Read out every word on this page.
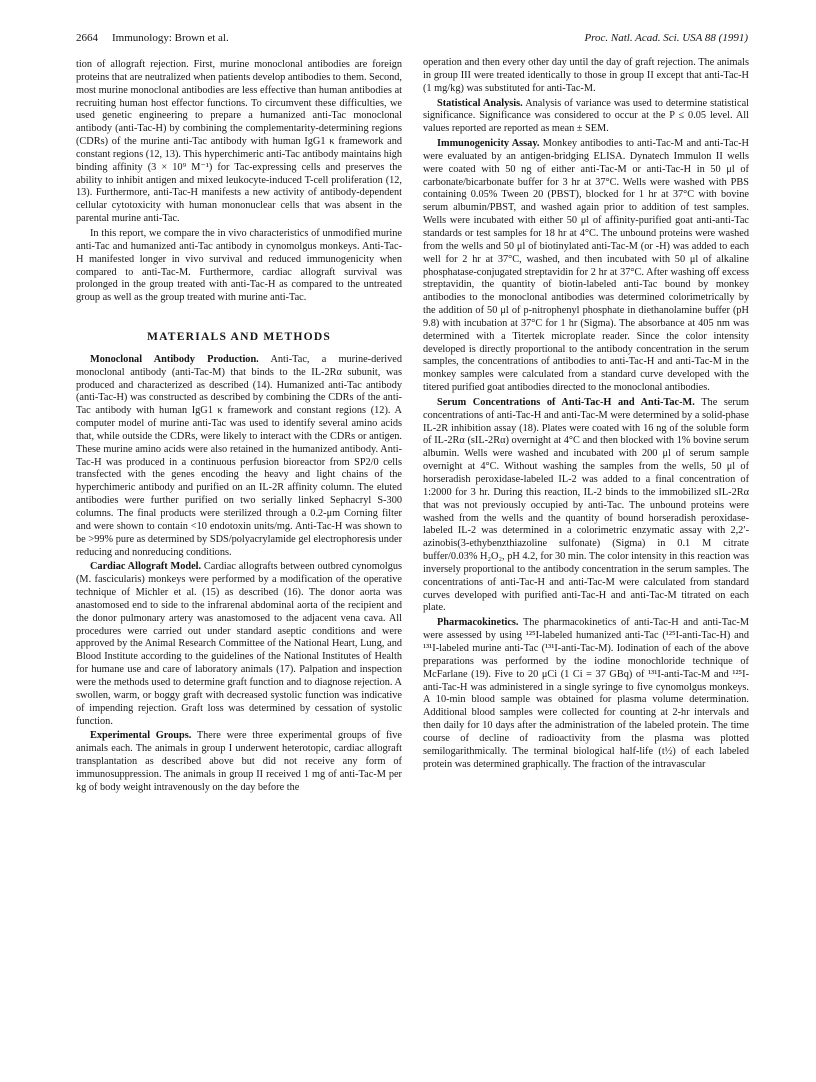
2664 Immunology: Brown et al.	Proc. Natl. Acad. Sci. USA 88 (1991)

tion of allograft rejection. First, murine monoclonal antibodies are foreign proteins that are neutralized when patients develop antibodies to them. Second, most murine monoclonal antibodies are less effective than human antibodies at recruiting human host effector functions. To circumvent these difficulties, we used genetic engineering to prepare a humanized anti-Tac monoclonal antibody (anti-Tac-H) by combining the complementarity-determining regions (CDRs) of the murine anti-Tac antibody with human IgG1 κ framework and constant regions (12, 13). This hyperchimeric anti-Tac antibody maintains high binding affinity (3 × 10⁹ M⁻¹) for Tac-expressing cells and preserves the ability to inhibit antigen and mixed leukocyte-induced T-cell proliferation (12, 13). Furthermore, anti-Tac-H manifests a new activity of antibody-dependent cellular cytotoxicity with human mononuclear cells that was absent in the parental murine anti-Tac.

In this report, we compare the in vivo characteristics of unmodified murine anti-Tac and humanized anti-Tac antibody in cynomolgus monkeys. Anti-Tac-H manifested longer in vivo survival and reduced immunogenicity when compared to anti-Tac-M. Furthermore, cardiac allograft survival was prolonged in the group treated with anti-Tac-H as compared to the untreated group as well as the group treated with murine anti-Tac.

MATERIALS AND METHODS

Monoclonal Antibody Production. Anti-Tac, a murine-derived monoclonal antibody (anti-Tac-M) that binds to the IL-2Rα subunit, was produced and characterized as described (14). Humanized anti-Tac antibody (anti-Tac-H) was constructed as described by combining the CDRs of the anti-Tac antibody with human IgG1 κ framework and constant regions (12). A computer model of murine anti-Tac was used to identify several amino acids that, while outside the CDRs, were likely to interact with the CDRs or antigen. These murine amino acids were also retained in the humanized antibody. Anti-Tac-H was produced in a continuous perfusion bioreactor from SP2/0 cells transfected with the genes encoding the heavy and light chains of the hyperchimeric antibody and purified on an IL-2R affinity column. The eluted antibodies were further purified on two serially linked Sephacryl S-300 columns. The final products were sterilized through a 0.2-μm Corning filter and were shown to contain <10 endotoxin units/mg. Anti-Tac-H was shown to be >99% pure as determined by SDS/polyacrylamide gel electrophoresis under reducing and nonreducing conditions.

Cardiac Allograft Model. Cardiac allografts between outbred cynomolgus (M. fascicularis) monkeys were performed by a modification of the operative technique of Michler et al. (15) as described (16). The donor aorta was anastomosed end to side to the infrarenal abdominal aorta of the recipient and the donor pulmonary artery was anastomosed to the adjacent vena cava. All procedures were carried out under standard aseptic conditions and were approved by the Animal Research Committee of the National Heart, Lung, and Blood Institute according to the guidelines of the National Institutes of Health for humane use and care of laboratory animals (17). Palpation and inspection were the methods used to determine graft function and to diagnose rejection. A swollen, warm, or boggy graft with decreased systolic function was indicative of impending rejection. Graft loss was determined by cessation of systolic function.

Experimental Groups. There were three experimental groups of five animals each. The animals in group I underwent heterotopic, cardiac allograft transplantation as described above but did not receive any form of immunosuppression. The animals in group II received 1 mg of anti-Tac-M per kg of body weight intravenously on the day before the

operation and then every other day until the day of graft rejection. The animals in group III were treated identically to those in group II except that anti-Tac-H (1 mg/kg) was substituted for anti-Tac-M.

Statistical Analysis. Analysis of variance was used to determine statistical significance. Significance was considered to occur at the P ≤ 0.05 level. All values reported are reported as mean ± SEM.

Immunogenicity Assay. Monkey antibodies to anti-Tac-M and anti-Tac-H were evaluated by an antigen-bridging ELISA. Dynatech Immulon II wells were coated with 50 ng of either anti-Tac-M or anti-Tac-H in 50 μl of carbonate/bicarbonate buffer for 3 hr at 37°C. Wells were washed with PBS containing 0.05% Tween 20 (PBST), blocked for 1 hr at 37°C with bovine serum albumin/PBST, and washed again prior to addition of test samples. Wells were incubated with either 50 μl of affinity-purified goat anti-anti-Tac standards or test samples for 18 hr at 4°C. The unbound proteins were washed from the wells and 50 μl of biotinylated anti-Tac-M (or -H) was added to each well for 2 hr at 37°C, washed, and then incubated with 50 μl of alkaline phosphatase-conjugated streptavidin for 2 hr at 37°C. After washing off excess streptavidin, the quantity of biotin-labeled anti-Tac bound by monkey antibodies to the monoclonal antibodies was determined colorimetrically by the addition of 50 μl of p-nitrophenyl phosphate in diethanolamine buffer (pH 9.8) with incubation at 37°C for 1 hr (Sigma). The absorbance at 405 nm was determined with a Titertek microplate reader. Since the color intensity developed is directly proportional to the antibody concentration in the serum samples, the concentrations of antibodies to anti-Tac-H and anti-Tac-M in the monkey samples were calculated from a standard curve developed with the titered purified goat antibodies directed to the monoclonal antibodies.

Serum Concentrations of Anti-Tac-H and Anti-Tac-M. The serum concentrations of anti-Tac-H and anti-Tac-M were determined by a solid-phase IL-2R inhibition assay (18). Plates were coated with 16 ng of the soluble form of IL-2Rα (sIL-2Rα) overnight at 4°C and then blocked with 1% bovine serum albumin. Wells were washed and incubated with 200 μl of serum sample overnight at 4°C. Without washing the samples from the wells, 50 μl of horseradish peroxidase-labeled IL-2 was added to a final concentration of 1:2000 for 3 hr. During this reaction, IL-2 binds to the immobilized sIL-2Rα that was not previously occupied by anti-Tac. The unbound proteins were washed from the wells and the quantity of bound horseradish peroxidase-labeled IL-2 was determined in a colorimetric enzymatic assay with 2,2′-azinobis(3-ethybenzthiazoline sulfonate) (Sigma) in 0.1 M citrate buffer/0.03% H₂O₂, pH 4.2, for 30 min. The color intensity in this reaction was inversely proportional to the antibody concentration in the serum samples. The concentrations of anti-Tac-H and anti-Tac-M were calculated from standard curves developed with purified anti-Tac-H and anti-Tac-M titrated on each plate.

Pharmacokinetics. The pharmacokinetics of anti-Tac-H and anti-Tac-M were assessed by using ¹²⁵I-labeled humanized anti-Tac (¹²⁵I-anti-Tac-H) and ¹³¹I-labeled murine anti-Tac (¹³¹I-anti-Tac-M). Iodination of each of the above preparations was performed by the iodine monochloride technique of McFarlane (19). Five to 20 μCi (1 Ci = 37 GBq) of ¹³¹I-anti-Tac-M and ¹²⁵I-anti-Tac-H was administered in a single syringe to five cynomolgus monkeys. A 10-min blood sample was obtained for plasma volume determination. Additional blood samples were collected for counting at 2-hr intervals and then daily for 10 days after the administration of the labeled protein. The time course of decline of radioactivity from the plasma was plotted semilogarithmically. The terminal biological half-life (t½) of each labeled protein was determined graphically. The fraction of the intravascular
